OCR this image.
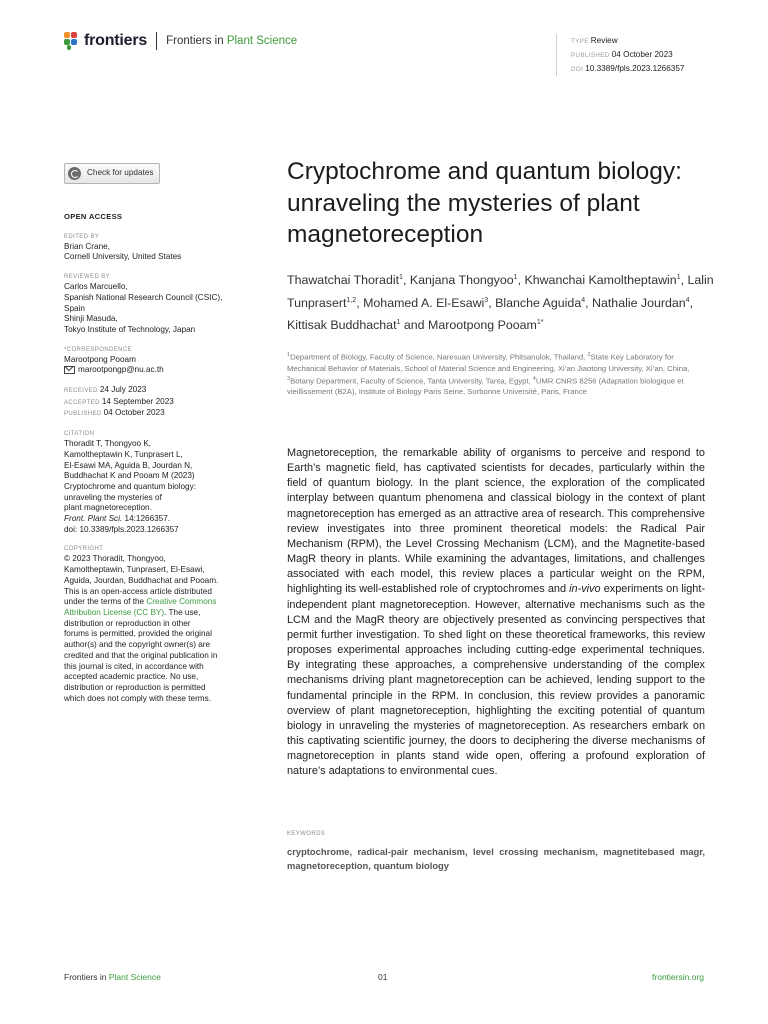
frontiers Frontiers in Plant Science	TYPE Review
PUBLISHED 04 October 2023
DOI 10.3389/fpls.2023.1266357
Check for updates
OPEN ACCESS
EDITED BY

Brian Crane,

Cornell University, United States

REVIEWED BY

Carlos Marcuello,

Spanish National Research Council (CSIC),

Spain

Shinji Masuda,

Tokyo Institute of Technology, Japan

*CORRESPONDENCE

Marootpong Pooam

marootpongp@nu.ac.th

RECEIVED 24 July 2023

ACCEPTED 14 September 2023

PUBLISHED 04 October 2023

CITATION

Thoradit T, Thongyoo K,

Kamoltheptawin K, Tunprasert L,

El-Esawi MA, Aguida B, Jourdan N,

Buddhachat K and Pooam M (2023)

Cryptochrome and quantum biology:

unraveling the mysteries of

plant magnetoreception.

Front. Plant Sci. 14:1266357.

doi: 10.3389/fpls.2023.1266357

COPYRIGHT

© 2023 Thoradit, Thongyoo,

Kamoltheptawin, Tunprasert, El-Esawi,

Aguida, Jourdan, Buddhachat and Pooam.

This is an open-access article distributed

under the terms of the Creative Commons

Attribution License (CC BY). The use,

distribution or reproduction in other

forums is permitted, provided the original

author(s) and the copyright owner(s) are

credited and that the original publication in

this journal is cited, in accordance with

accepted academic practice. No use,

distribution or reproduction is permitted

which does not comply with these terms.

Cryptochrome and quantum biology: unraveling the mysteries of plant magnetoreception
Thawatchai Thoradit$^1$, Kanjana Thongyoo$^1$, Khwanchai Kamoltheptawin$^1$, Lalin Tunprasert$^{1,2}$, Mohamed A. El-Esawi$^3$, Blanche Aguida$^4$, Nathalie Jourdan$^4$, Kittisak Buddhachat$^1$ and Marootpong Pooam$^{1*}$
$^1$Department of Biology, Faculty of Science, Naresuan University, Phitsanulok, Thailand, $^2$State Key Laboratory for Mechanical Behavior of Materials, School of Material Science and Engineering, Xi’an Jiaotong University, Xi’an, China, $^3$Botany Department, Faculty of Science, Tanta University, Tanta, Egypt, $^4$UMR CNRS 8256 (Adaptation biologique et vieillissement (B2A), Institute of Biology Paris Seine, Sorbonne Université, Paris, France

Magnetoreception, the remarkable ability of organisms to perceive and respond to Earth’s magnetic field, has captivated scientists for decades, particularly within the field of quantum biology. In the plant science, the exploration of the complicated interplay between quantum phenomena and classical biology in the context of plant magnetoreception has emerged as an attractive area of research. This comprehensive review investigates into three prominent theoretical models: the Radical Pair Mechanism (RPM), the Level Crossing Mechanism (LCM), and the Magnetite-based MagR theory in plants. While examining the advantages, limitations, and challenges associated with each model, this review places a particular weight on the RPM, highlighting its well-established role of cryptochromes and in-vivo experiments on light-independent plant magnetoreception. However, alternative mechanisms such as the LCM and the MagR theory are objectively presented as convincing perspectives that permit further investigation. To shed light on these theoretical frameworks, this review proposes experimental approaches including cutting-edge experimental techniques. By integrating these approaches, a comprehensive understanding of the complex mechanisms driving plant magnetoreception can be achieved, lending support to the fundamental principle in the RPM. In conclusion, this review provides a panoramic overview of plant magnetoreception, highlighting the exciting potential of quantum biology in unraveling the mysteries of magnetoreception. As researchers embark on this captivating scientific journey, the doors to deciphering the diverse mechanisms of magnetoreception in plants stand wide open, offering a profound exploration of nature’s adaptations to environmental cues.

KEYWORDS
cryptochrome, radical-pair mechanism, level crossing mechanism, magnetitebased magr, magnetoreception, quantum biology
Frontiers in Plant Science	01	frontiersin.org
